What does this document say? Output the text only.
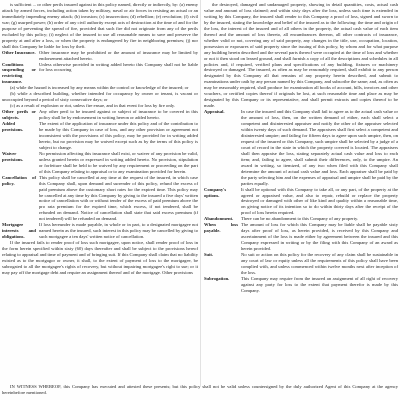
is sufficient ... or other perils insured against in this policy named, directly or indirectly, by: (a) enemy attack by armed forces, including action taken by military, naval or air forces in resisting an actual or an immediately impending enemy attack; (b) invasion; (c) insurrection; (d) rebellion; (e) revolution; (f) civil war; (g) usurped power; (h) order of any civil authority except acts of destruction at the time of and for the purpose of preventing the spread of fire, provided that such fire did not originate from any of the perils excluded by this policy; (i) neglect of the insured to use all reasonable means to save and preserve the property at and after a loss, or when the property is endangered by fire in neighboring premises; (j) nor shall this Company be liable for loss by theft.

Other Insurance. Other insurance may be prohibited or the amount of insurance may be limited by endorsement attached hereto.
Conditions suspending or restricting insurance.
Unless otherwise provided in writing added hereto this Company shall not be liable for loss occurring

(a) while the hazard is increased by any means within the control or knowledge of the insured; or

(b) while a described building, whether intended for occupancy by owner or tenant, is vacant or unoccupied beyond a period of sixty consecutive days; or

(c) as a result of explosion or riot, unless fire ensue, and in that event for loss by fire only.

Other perils or subjects.
Any other peril to be insured against or subject of insurance to be covered in this policy shall be by endorsement in writing hereon or added hereto.
Added provisions.
The extent of the application of insurance under this policy and of the contribution to be made by this Company in case of loss, and any other provision or agreement not inconsistent with the provisions of this policy, may be provided for in writing added hereto, but no provision may be waived except such as by the terms of this policy is subject to change.
Waiver provisions.
No permission affecting this insurance shall exist, or waiver of any provision be valid, unless granted herein or expressed in writing added hereto. No provision, stipulation or forfeiture shall be held to be waived by any requirement or proceeding on the part of this Company relating to appraisal or to any examination provided for herein.
Cancellation of policy.
This policy shall be cancelled at any time at the request of the insured, in which case this Company shall, upon demand and surrender of this policy, refund the excess of paid premium above the customary short rates for the expired time. This policy may be cancelled at any time by this Company by giving to the insured a five days' written notice of cancellation with or without tender of the excess of paid premium above the pro rata premium for the expired time, which excess, if not tendered, shall be refunded on demand. Notice of cancellation shall state that said excess premium (if not tendered) will be refunded on demand.
Mortgagee interests and obligations.
If loss hereunder is made payable, in whole or in part, to a designated mortgagee not named herein as the insured, such interest in this policy may be cancelled by giving to such mortgagee a ten days' written notice of cancellation.

If the insured fails to render proof of loss such mortgagee, upon notice, shall render proof of loss in the form herein specified within sixty (60) days thereafter and shall be subject to the provisions hereof relating to appraisal and time of payment and of bringing suit. If this Company shall claim that no liability existed as to the mortgagor or owner, it shall, to the extent of payment of loss to the mortgagee, be subrogated to all the mortgagee's rights of recovery, but without impairing mortgagee's right to sue; or it may pay off the mortgage debt and require an assignment thereof and of the mortgage. Other provisions

the destroyed, damaged and undamaged property, showing in detail quantities, costs, actual cash value and amount of loss claimed; and within sixty days after the loss, unless such time is extended in writing by this Company, the insured shall render to this Company a proof of loss, signed and sworn to by the insured, stating the knowledge and belief of the insured as to the following: the time and origin of the loss, the interest of the insured and of all others in the property, the actual cash value of each item thereof and the amount of loss thereto, all encumbrances thereon, all other contracts of insurance, whether valid or not, covering any of said property, any changes in the title, use, occupation, location, possession or exposures of said property since the issuing of this policy, by whom and for what purpose any building herein described and the several parts thereof were occupied at the time of loss and whether or not it then stood on leased ground, and shall furnish a copy of all the descriptions and schedules in all policies and, if required, verified plans and specifications of any building, fixtures or machinery destroyed or damaged. The insured, as often as may be reasonably required, shall exhibit to any person designated by this Company all that remains of any property herein described, and submit to examinations under oath by any person named by this Company, and subscribe the same; and, as often as may be reasonably required, shall produce for examination all books of account, bills, invoices and other vouchers, or certified copies thereof if originals be lost, at such reasonable time and place as may be designated by this Company or its representative, and shall permit extracts and copies thereof to be made.

Appraisal.	In case the insured and this Company shall fail to agree as to the actual cash value or the amount of loss, then, on the written demand of either, each shall select a competent and disinterested appraiser and notify the other of the appraiser selected within twenty days of such demand. The appraisers shall first select a competent and disinterested umpire; and failing for fifteen days to agree upon such umpire, then, on request of the insured or this Company, such umpire shall be selected by a judge of a court of record in the state in which the property covered is located. The appraisers shall then appraise the loss, stating separately actual cash value and loss to each item; and, failing to agree, shall submit their differences, only, to the umpire. An award in writing, so itemized, of any two when filed with this Company shall determine the amount of actual cash value and loss. Each appraiser shall be paid by the party selecting him and the expenses of appraisal and umpire shall be paid by the parties equally.
Company's options.
It shall be optional with this Company to take all, or any part, of the property at the agreed or appraised value, and also to repair, rebuild or replace the property destroyed or damaged with other of like kind and quality within a reasonable time, on giving notice of its intention so to do within thirty days after the receipt of the proof of loss herein required.
Abandonment.	There can be no abandonment to this Company of any property.
When loss payable.
The amount of loss for which this Company may be liable shall be payable sixty days after proof of loss, as herein provided, is received by this Company and ascertainment of the loss is made either by agreement between the insured and this Company expressed in writing or by the filing with this Company of an award as herein provided.
Suit.	No suit or action on this policy for the recovery of any claim shall be sustainable in any court of law or equity unless all the requirements of this policy shall have been complied with, and unless commenced within twelve months next after inception of the loss.
Subrogation.	This Company may require from the insured an assignment of all right of recovery against any party for loss to the extent that payment therefor is made by this Company.

IN WITNESS WHEREOF, this Company has executed and attested these presents; but this policy shall not be valid unless countersigned by the duly authorized Agent of this Company at the agency hereinbefore mentioned.
